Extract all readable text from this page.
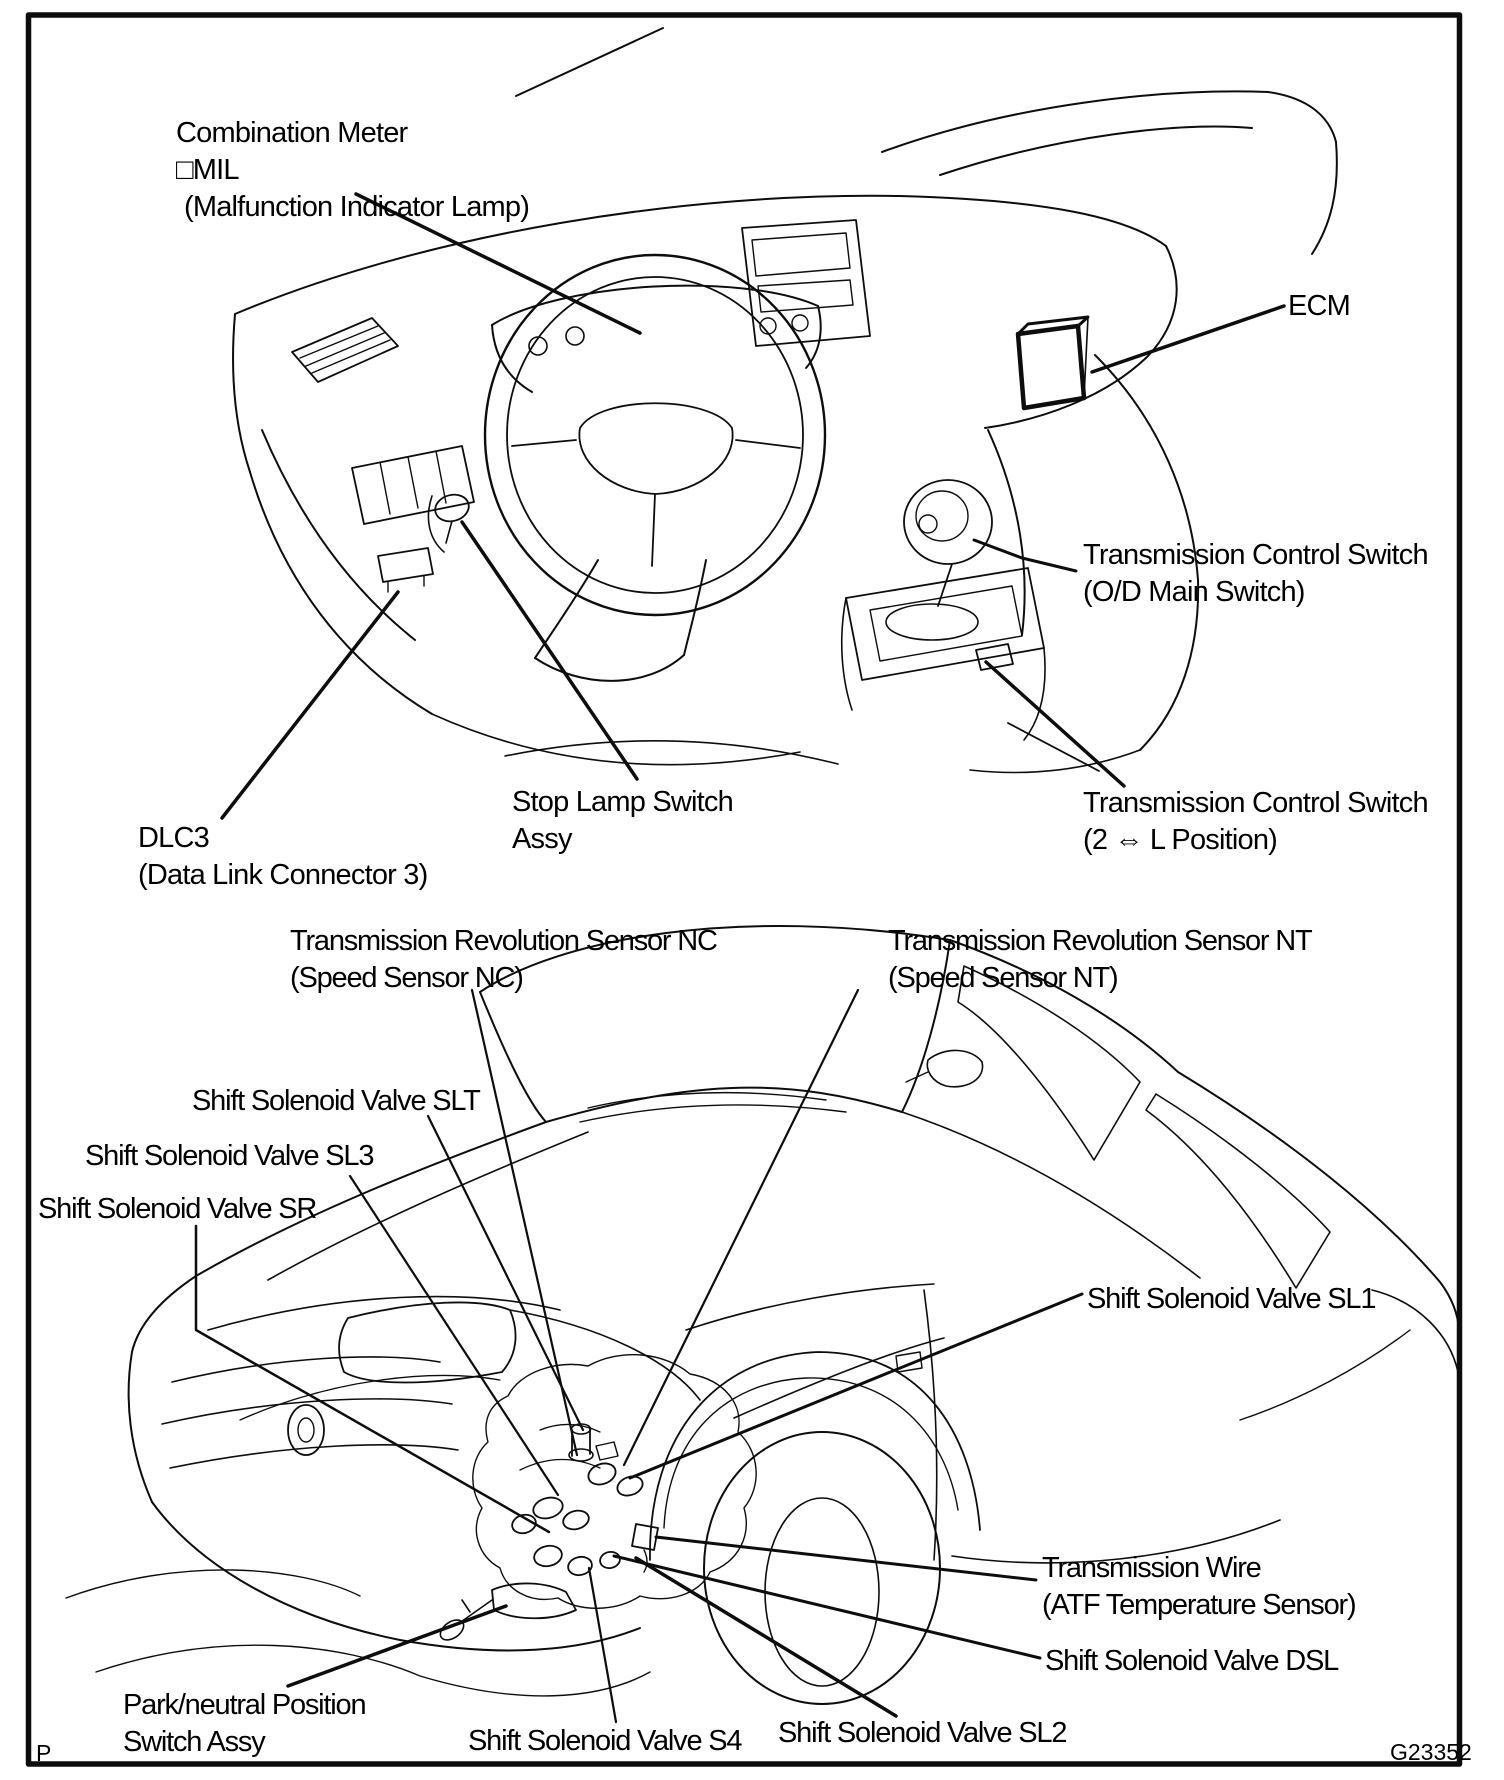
Combination Meter
□MIL
(Malfunction Indicator Lamp)
ECM
Transmission Control Switch
(O/D Main Switch)
Stop Lamp Switch
Assy
Transmission Control Switch
(2 ⇔ L Position)
DLC3
(Data Link Connector 3)
Transmission Revolution Sensor NC
(Speed Sensor NC)
Transmission Revolution Sensor NT
(Speed Sensor NT)
Shift Solenoid Valve SLT
Shift Solenoid Valve SL3
Shift Solenoid Valve SR
Shift Solenoid Valve SL1
Transmission Wire
(ATF Temperature Sensor)
Shift Solenoid Valve DSL
Park/neutral Position
Switch Assy	Shift Solenoid Valve S4 Shift Solenoid Valve SL2
P	G23352
